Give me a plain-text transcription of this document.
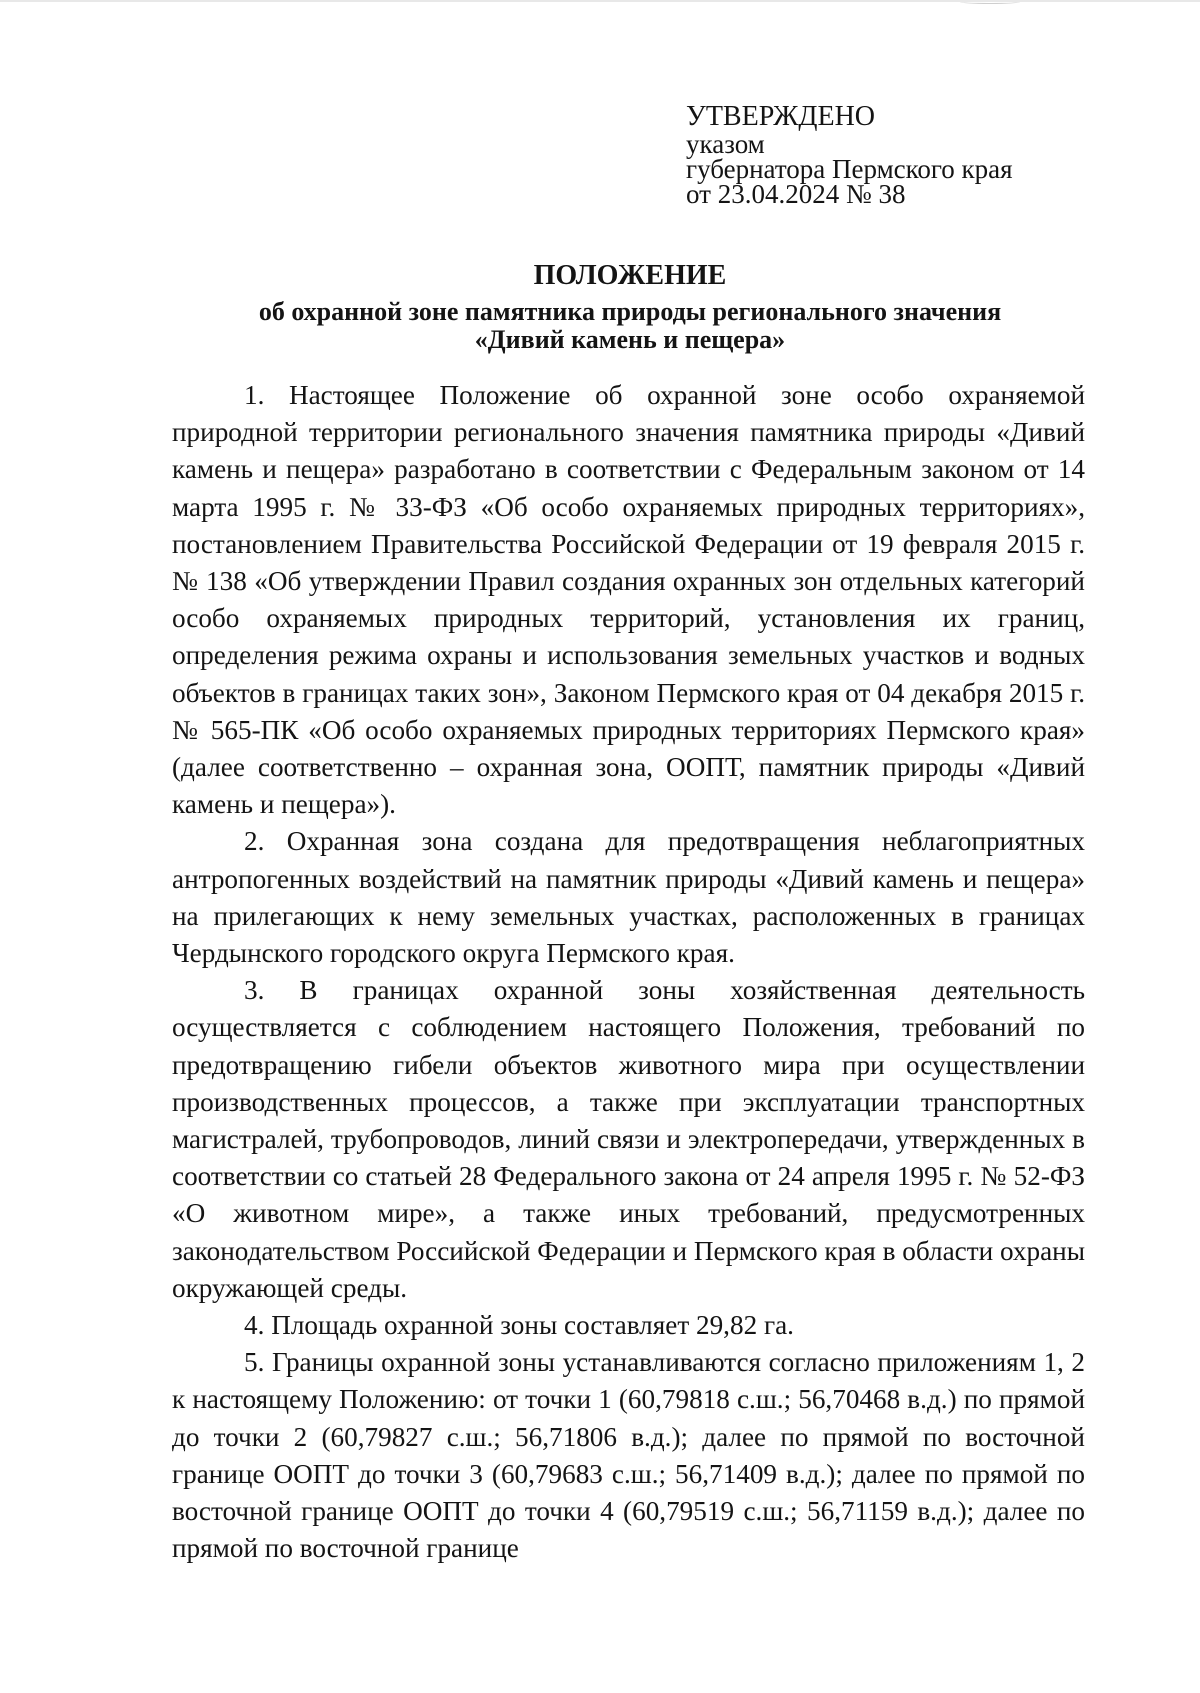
УТВЕРЖДЕНО
указом
губернатора Пермского края
от 23.04.2024 № 38
ПОЛОЖЕНИЕ
об охранной зоне памятника природы регионального значения
«Дивий камень и пещера»

1. Настоящее Положение об охранной зоне особо охраняемой природной территории регионального значения памятника природы «Дивий камень и пещера» разработано в соответствии с Федеральным законом от 14 марта 1995 г. № 33-ФЗ «Об особо охраняемых природных территориях», постановлением Правительства Российской Федерации от 19 февраля 2015 г. № 138 «Об утверждении Правил создания охранных зон отдельных категорий особо охраняемых природных территорий, установления их границ, определения режима охраны и использования земельных участков и водных объектов в границах таких зон», Законом Пермского края от 04 декабря 2015 г. № 565-ПК «Об особо охраняемых природных территориях Пермского края» (далее соответственно – охранная зона, ООПТ, памятник природы «Дивий камень и пещера»).

2. Охранная зона создана для предотвращения неблагоприятных антропогенных воздействий на памятник природы «Дивий камень и пещера» на прилегающих к нему земельных участках, расположенных в границах Чердынского городского округа Пермского края.

3. В границах охранной зоны хозяйственная деятельность осуществляется с соблюдением настоящего Положения, требований по предотвращению гибели объектов животного мира при осуществлении производственных процессов, а также при эксплуатации транспортных магистралей, трубопроводов, линий связи и электропередачи, утвержденных в соответствии со статьей 28 Федерального закона от 24 апреля 1995 г. № 52-ФЗ «О животном мире», а также иных требований, предусмотренных законодательством Российской Федерации и Пермского края в области охраны окружающей среды.

4. Площадь охранной зоны составляет 29,82 га.

5. Границы охранной зоны устанавливаются согласно приложениям 1, 2 к настоящему Положению: от точки 1 (60,79818 с.ш.; 56,70468 в.д.) по прямой до точки 2 (60,79827 с.ш.; 56,71806 в.д.); далее по прямой по восточной границе ООПТ до точки 3 (60,79683 с.ш.; 56,71409 в.д.); далее по прямой по восточной границе ООПТ до точки 4 (60,79519 с.ш.; 56,71159 в.д.); далее по прямой по восточной границе
